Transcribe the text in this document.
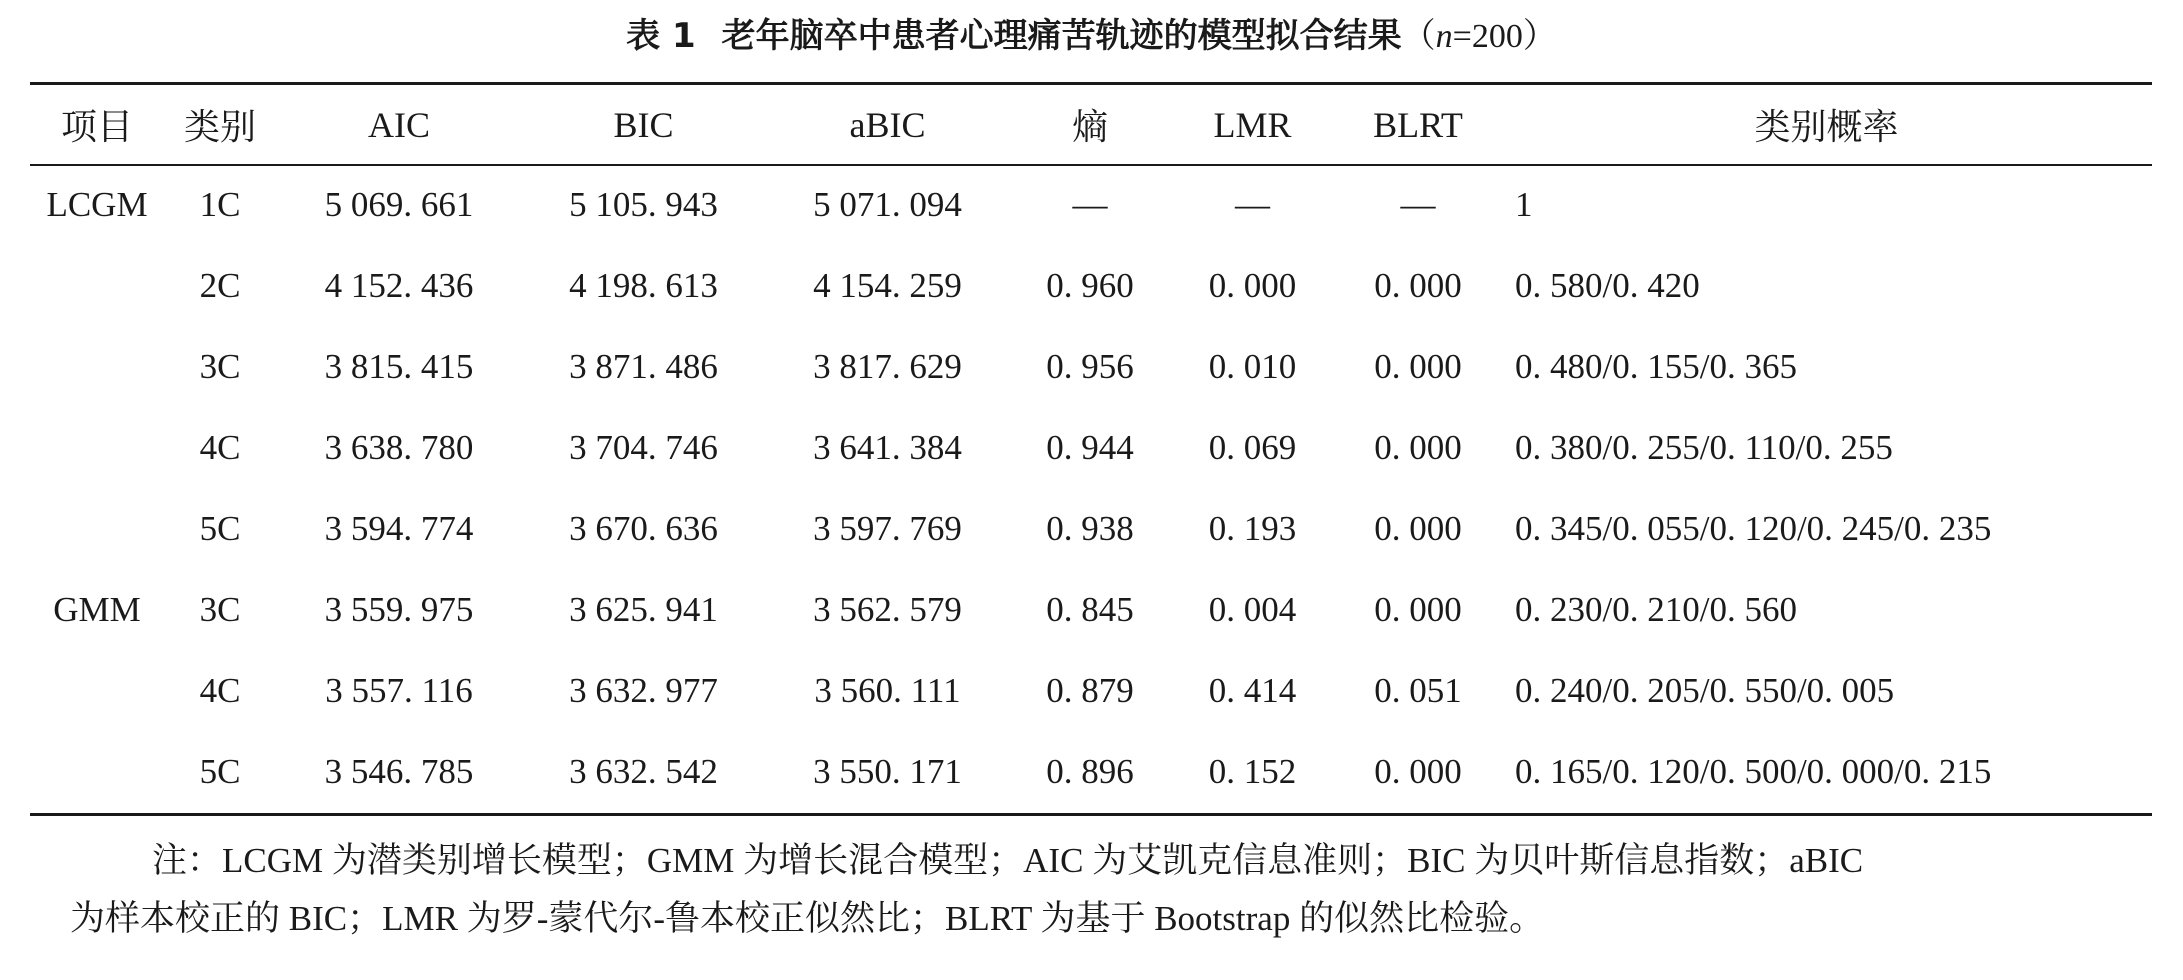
表 1 老年脑卒中患者心理痛苦轨迹的模型拟合结果（n=200）
项目	类别	AIC	BIC	aBIC	熵	LMR	BLRT	类别概率
LCGM	1C	5 069. 661	5 105. 943	5 071. 094	—	—	—	1
	2C	4 152. 436	4 198. 613	4 154. 259	0. 960	0. 000	0. 000	0. 580/0. 420
	3C	3 815. 415	3 871. 486	3 817. 629	0. 956	0. 010	0. 000	0. 480/0. 155/0. 365
	4C	3 638. 780	3 704. 746	3 641. 384	0. 944	0. 069	0. 000	0. 380/0. 255/0. 110/0. 255
	5C	3 594. 774	3 670. 636	3 597. 769	0. 938	0. 193	0. 000	0. 345/0. 055/0. 120/0. 245/0. 235
GMM	3C	3 559. 975	3 625. 941	3 562. 579	0. 845	0. 004	0. 000	0. 230/0. 210/0. 560
	4C	3 557. 116	3 632. 977	3 560. 111	0. 879	0. 414	0. 051	0. 240/0. 205/0. 550/0. 005
	5C	3 546. 785	3 632. 542	3 550. 171	0. 896	0. 152	0. 000	0. 165/0. 120/0. 500/0. 000/0. 215
注：LCGM 为潜类别增长模型；GMM 为增长混合模型；AIC 为艾凯克信息准则；BIC 为贝叶斯信息指数；aBIC
为样本校正的 BIC；LMR 为罗-蒙代尔-鲁本校正似然比；BLRT 为基于 Bootstrap 的似然比检验。
